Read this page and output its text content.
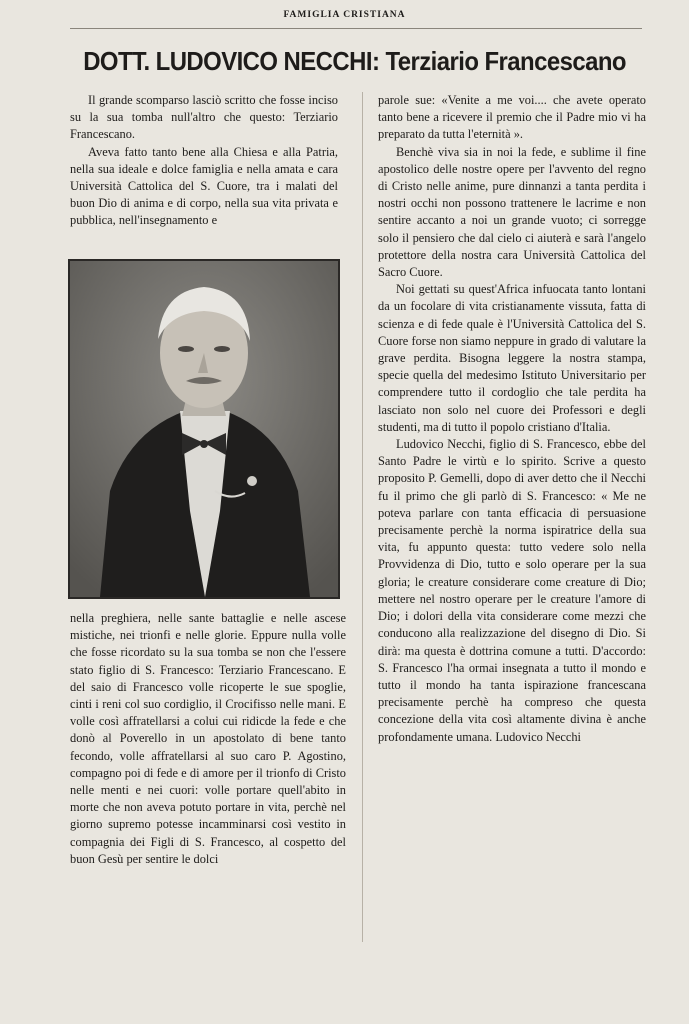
FAMIGLIA CRISTIANA
DOTT. LUDOVICO NECCHI: Terziario Francescano

Il grande scomparso lasciò scritto che fosse inciso su la sua tomba null'altro che questo: Terziario Francescano.

Aveva fatto tanto bene alla Chiesa e alla Patria, nella sua ideale e dolce famiglia e nella amata e cara Università Cattolica del S. Cuore, tra i malati del buon Dio di anima e di corpo, nella sua vita privata e pubblica, nell'insegnamento e

nella preghiera, nelle sante battaglie e nelle ascese mistiche, nei trionfi e nelle glorie. Eppure nulla volle che fosse ricordato su la sua tomba se non che l'essere stato figlio di S. Francesco: Terziario Francescano. E del saio di Francesco volle ricoperte le sue spoglie, cinti i reni col suo cordiglio, il Crocifisso nelle mani. E volle così affratellarsi a colui cui ridicde la fede e che donò al Poverello in un apostolato di bene tanto fecondo, volle affratellarsi al suo caro P. Agostino, compagno poi di fede e di amore per il trionfo di Cristo nelle menti e nei cuori: volle portare quell'abito in morte che non aveva potuto portare in vita, perchè nel giorno supremo potesse incamminarsi così vestito in compagnia dei Figli di S. Francesco, al cospetto del buon Gesù per sentire le dolci

parole sue: «Venite a me voi.... che avete operato tanto bene a ricevere il premio che il Padre mio vi ha preparato da tutta l'eternità ».

Benchè viva sia in noi la fede, e sublime il fine apostolico delle nostre opere per l'avvento del regno di Cristo nelle anime, pure dinnanzi a tanta perdita i nostri occhi non possono trattenere le lacrime e non sentire accanto a noi un grande vuoto; ci sorregge solo il pensiero che dal cielo ci aiuterà e sarà l'angelo protettore della nostra cara Università Cattolica del Sacro Cuore.

Noi gettati su quest'Africa infuocata tanto lontani da un focolare di vita cristianamente vissuta, fatta di scienza e di fede quale è l'Università Cattolica del S. Cuore forse non siamo neppure in grado di valutare la grave perdita. Bisogna leggere la nostra stampa, specie quella del medesimo Istituto Universitario per comprendere tutto il cordoglio che tale perdita ha lasciato non solo nel cuore dei Professori e degli studenti, ma di tutto il popolo cristiano d'Italia.

Ludovico Necchi, figlio di S. Francesco, ebbe del Santo Padre le virtù e lo spirito. Scrive a questo proposito P. Gemelli, dopo di aver detto che il Necchi fu il primo che gli parlò di S. Francesco: « Me ne poteva parlare con tanta efficacia di persuasione precisamente perchè la norma ispiratrice della sua vita, fu appunto questa: tutto vedere solo nella Provvidenza di Dio, tutto e solo operare per la sua gloria; le creature considerare come creature di Dio; mettere nel nostro operare per le creature l'amore di Dio; i dolori della vita considerare come mezzi che conducono alla realizzazione del disegno di Dio. Si dirà: ma questa è dottrina comune a tutti. D'accordo: S. Francesco l'ha ormai insegnata a tutto il mondo e tutto il mondo ha tanta ispirazione francescana precisamente perchè ha compreso che questa concezione della vita così altamente divina è anche profondamente umana. Ludovico Necchi
